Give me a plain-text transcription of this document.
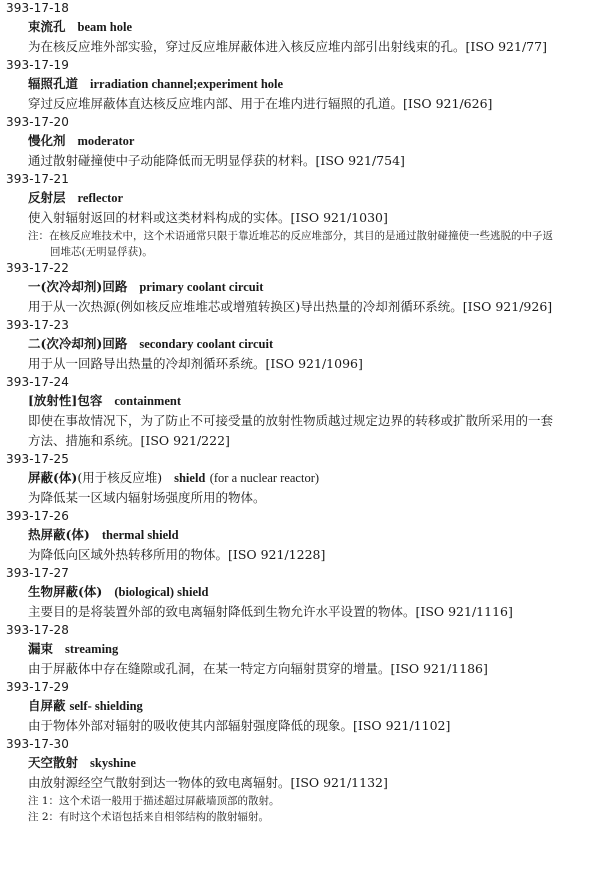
393-17-18
束流孔 beam hole
为在核反应堆外部实验，穿过反应堆屏蔽体进入核反应堆内部引出射线束的孔。[ISO 921/77]
393-17-19
辐照孔道 irradiation channel;experiment hole
穿过反应堆屏蔽体直达核反应堆内部、用于在堆内进行辐照的孔道。[ISO 921/626]
393-17-20
慢化剂 moderator
通过散射碰撞使中子动能降低而无明显俘获的材料。[ISO 921/754]
393-17-21
反射层 reflector
使入射辐射返回的材料或这类材料构成的实体。[ISO 921/1030]
注：在核反应堆技术中，这个术语通常只限于靠近堆芯的反应堆部分，其目的是通过散射碰撞使一些逃脱的中子返
回堆芯(无明显俘获)。
393-17-22
一(次冷却剂)回路 primary coolant circuit
用于从一次热源(例如核反应堆堆芯或增殖转换区)导出热量的冷却剂循环系统。[ISO 921/926]
393-17-23
二(次冷却剂)回路 secondary coolant circuit
用于从一回路导出热量的冷却剂循环系统。[ISO 921/1096]
393-17-24
[放射性]包容 containment
即使在事故情况下，为了防止不可接受量的放射性物质越过规定边界的转移或扩散所采用的一套
方法、措施和系统。[ISO 921/222]
393-17-25
屏蔽(体)(用于核反应堆) shield (for a nuclear reactor)
为降低某一区域内辐射场强度所用的物体。
393-17-26
热屏蔽(体) thermal shield
为降低向区域外热转移所用的物体。[ISO 921/1228]
393-17-27
生物屏蔽(体) (biological) shield
主要目的是将装置外部的致电离辐射降低到生物允许水平设置的物体。[ISO 921/1116]
393-17-28
漏束 streaming
由于屏蔽体中存在缝隙或孔洞，在某一特定方向辐射贯穿的增量。[ISO 921/1186]
393-17-29
自屏蔽 self- shielding
由于物体外部对辐射的吸收使其内部辐射强度降低的现象。[ISO 921/1102]
393-17-30
天空散射 skyshine
由放射源经空气散射到达一物体的致电离辐射。[ISO 921/1132]
注 1：这个术语一般用于描述超过屏蔽墙顶部的散射。
注 2：有时这个术语包括来自相邻结构的散射辐射。
